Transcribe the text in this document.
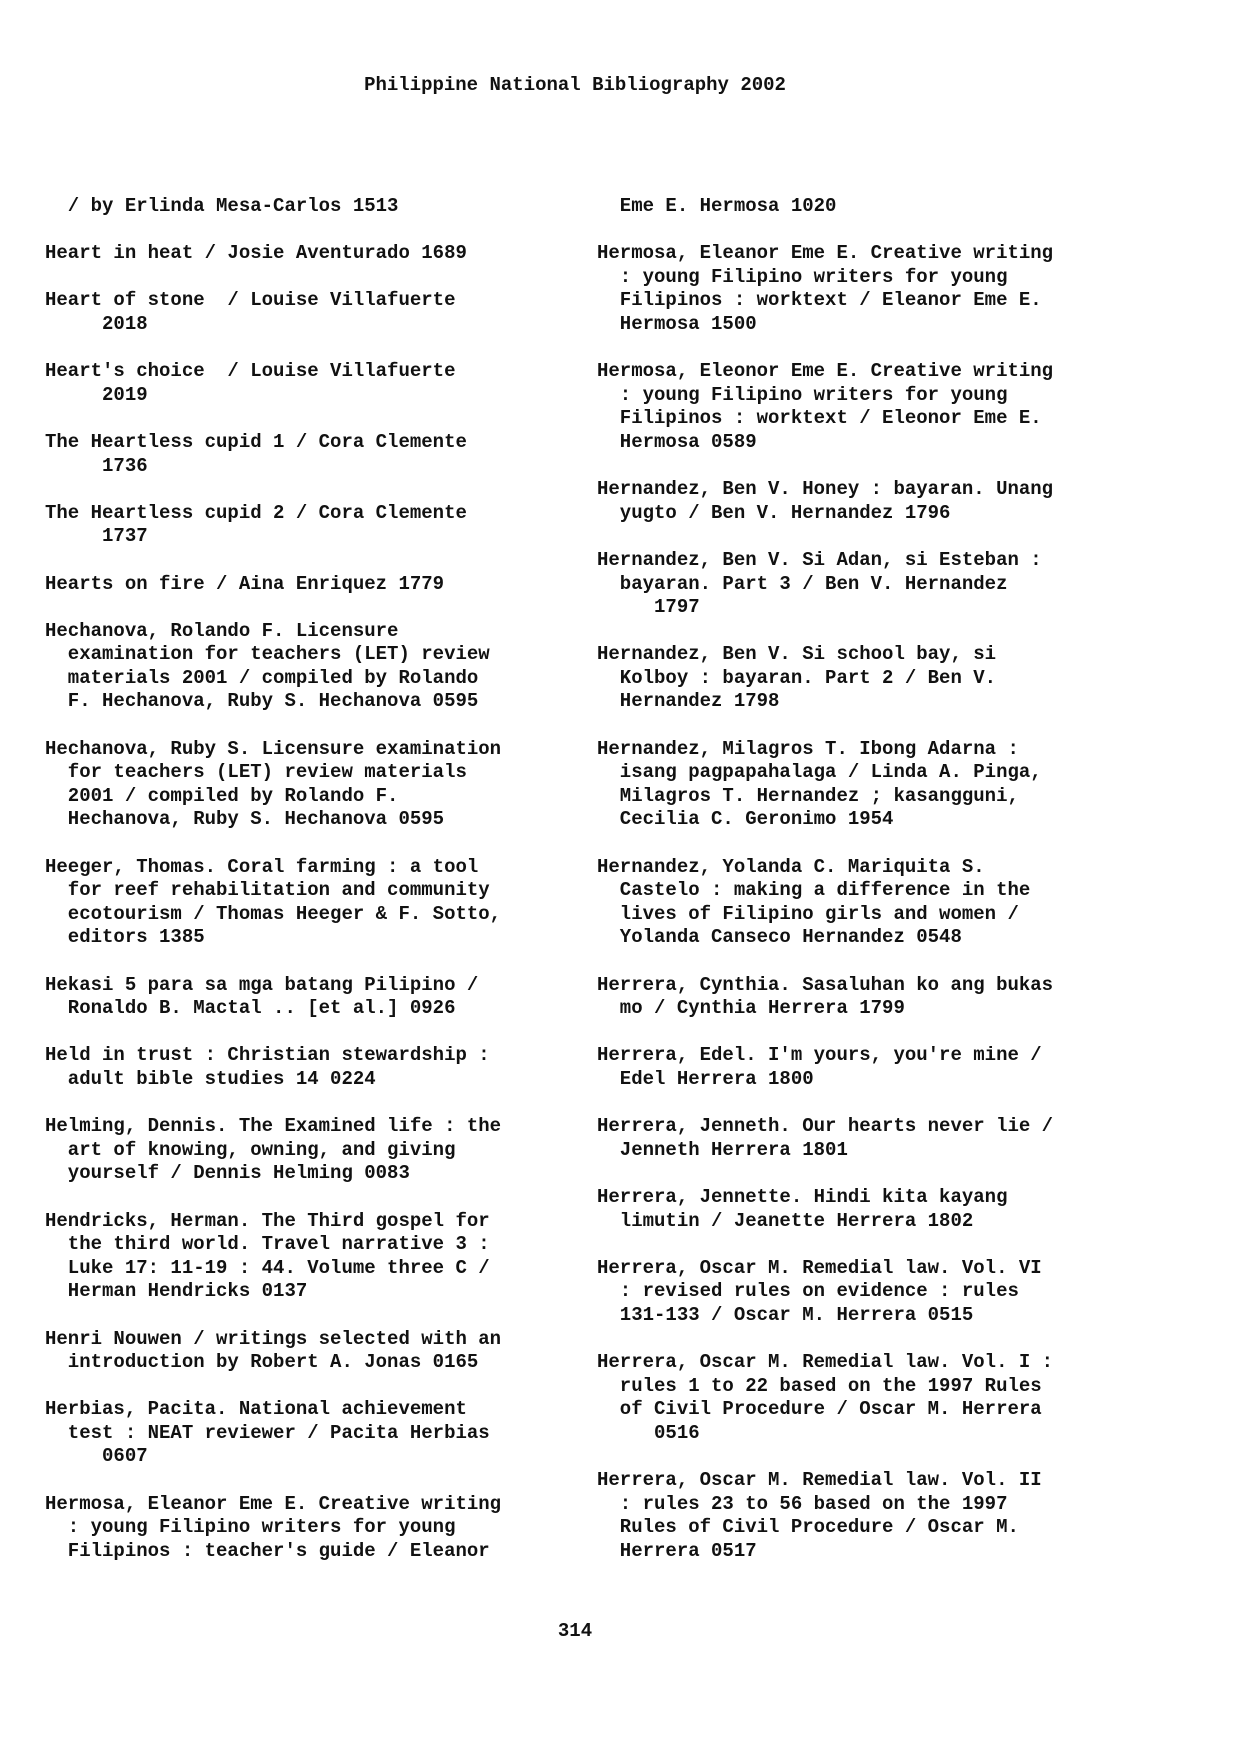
Philippine National Bibliography 2002
/ by Erlinda Mesa-Carlos 1513
Heart in heat / Josie Aventurado 1689
Heart of stone  / Louise Villafuerte
2018
Heart's choice  / Louise Villafuerte
2019
The Heartless cupid 1 / Cora Clemente
1736
The Heartless cupid 2 / Cora Clemente
1737
Hearts on fire / Aina Enriquez 1779
Hechanova, Rolando F. Licensure
examination for teachers (LET) review
materials 2001 / compiled by Rolando
F. Hechanova, Ruby S. Hechanova 0595
Hechanova, Ruby S. Licensure examination
for teachers (LET) review materials
2001 / compiled by Rolando F.
Hechanova, Ruby S. Hechanova 0595
Heeger, Thomas. Coral farming : a tool
for reef rehabilitation and community
ecotourism / Thomas Heeger & F. Sotto,
editors 1385
Hekasi 5 para sa mga batang Pilipino /
Ronaldo B. Mactal .. [et al.] 0926
Held in trust : Christian stewardship :
adult bible studies 14 0224
Helming, Dennis. The Examined life : the
art of knowing, owning, and giving
yourself / Dennis Helming 0083
Hendricks, Herman. The Third gospel for
the third world. Travel narrative 3 :
Luke 17: 11-19 : 44. Volume three C /
Herman Hendricks 0137
Henri Nouwen / writings selected with an
introduction by Robert A. Jonas 0165
Herbias, Pacita. National achievement
test : NEAT reviewer / Pacita Herbias
0607
Hermosa, Eleanor Eme E. Creative writing
: young Filipino writers for young
Filipinos : teacher's guide / Eleanor
Eme E. Hermosa 1020
Hermosa, Eleanor Eme E. Creative writing
: young Filipino writers for young
Filipinos : worktext / Eleanor Eme E.
Hermosa 1500
Hermosa, Eleonor Eme E. Creative writing
: young Filipino writers for young
Filipinos : worktext / Eleonor Eme E.
Hermosa 0589
Hernandez, Ben V. Honey : bayaran. Unang
yugto / Ben V. Hernandez 1796
Hernandez, Ben V. Si Adan, si Esteban :
bayaran. Part 3 / Ben V. Hernandez
1797
Hernandez, Ben V. Si school bay, si
Kolboy : bayaran. Part 2 / Ben V.
Hernandez 1798
Hernandez, Milagros T. Ibong Adarna :
isang pagpapahalaga / Linda A. Pinga,
Milagros T. Hernandez ; kasangguni,
Cecilia C. Geronimo 1954
Hernandez, Yolanda C. Mariquita S.
Castelo : making a difference in the
lives of Filipino girls and women /
Yolanda Canseco Hernandez 0548
Herrera, Cynthia. Sasaluhan ko ang bukas
mo / Cynthia Herrera 1799
Herrera, Edel. I'm yours, you're mine /
Edel Herrera 1800
Herrera, Jenneth. Our hearts never lie /
Jenneth Herrera 1801
Herrera, Jennette. Hindi kita kayang
limutin / Jeanette Herrera 1802
Herrera, Oscar M. Remedial law. Vol. VI
: revised rules on evidence : rules
131-133 / Oscar M. Herrera 0515
Herrera, Oscar M. Remedial law. Vol. I :
rules 1 to 22 based on the 1997 Rules
of Civil Procedure / Oscar M. Herrera
0516
Herrera, Oscar M. Remedial law. Vol. II
: rules 23 to 56 based on the 1997
Rules of Civil Procedure / Oscar M.
Herrera 0517
314
